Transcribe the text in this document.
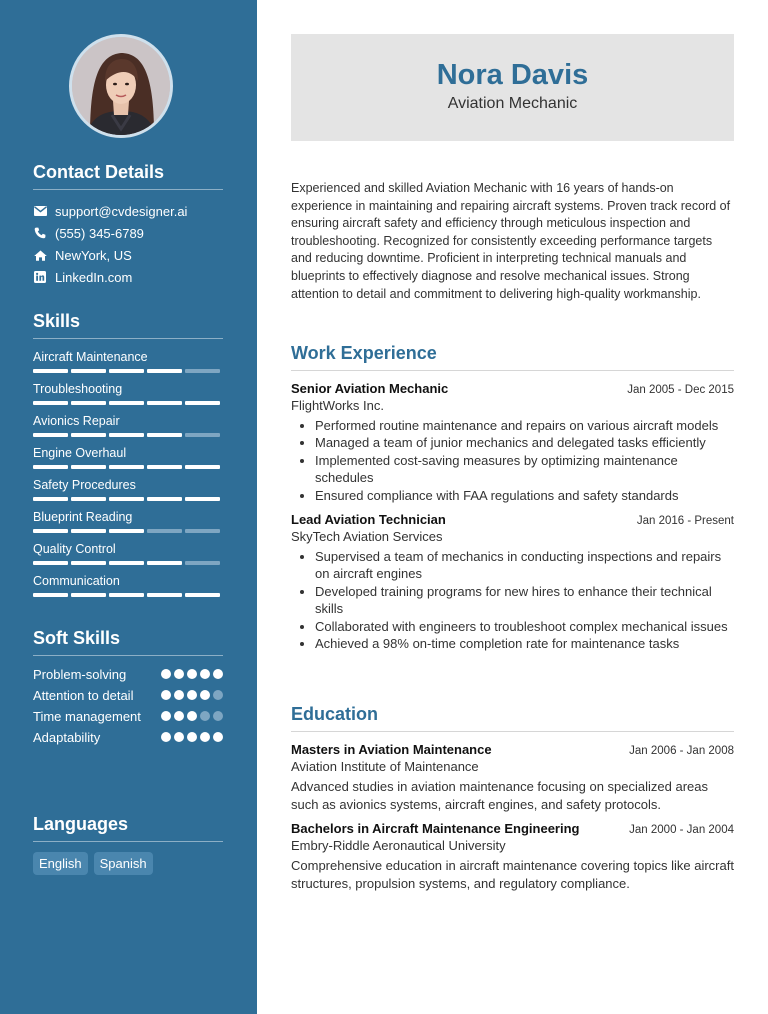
Contact Details
support@cvdesigner.ai
(555) 345-6789
NewYork, US
LinkedIn.com
Skills
Aircraft Maintenance
Troubleshooting
Avionics Repair
Engine Overhaul
Safety Procedures
Blueprint Reading
Quality Control
Communication
Soft Skills
Problem-solving
Attention to detail
Time management
Adaptability
Languages
English	Spanish
Nora Davis
Aviation Mechanic
Experienced and skilled Aviation Mechanic with 16 years of hands-on experience in maintaining and repairing aircraft systems. Proven track record of ensuring aircraft safety and efficiency through meticulous inspection and troubleshooting. Recognized for consistently exceeding performance targets and reducing downtime. Proficient in interpreting technical manuals and blueprints to effectively diagnose and resolve mechanical issues. Strong attention to detail and commitment to delivering high-quality workmanship.
Work Experience
Senior Aviation Mechanic	Jan 2005 - Dec 2015
FlightWorks Inc.
• Performed routine maintenance and repairs on various aircraft models
• Managed a team of junior mechanics and delegated tasks efficiently
• Implemented cost-saving measures by optimizing maintenance schedules
• Ensured compliance with FAA regulations and safety standards
Lead Aviation Technician	Jan 2016 - Present
SkyTech Aviation Services
• Supervised a team of mechanics in conducting inspections and repairs on aircraft engines
• Developed training programs for new hires to enhance their technical skills
• Collaborated with engineers to troubleshoot complex mechanical issues
• Achieved a 98% on-time completion rate for maintenance tasks
Education
Masters in Aviation Maintenance	Jan 2006 - Jan 2008
Aviation Institute of Maintenance
Advanced studies in aviation maintenance focusing on specialized areas such as avionics systems, aircraft engines, and safety protocols.
Bachelors in Aircraft Maintenance Engineering	Jan 2000 - Jan 2004
Embry-Riddle Aeronautical University
Comprehensive education in aircraft maintenance covering topics like aircraft structures, propulsion systems, and regulatory compliance.
